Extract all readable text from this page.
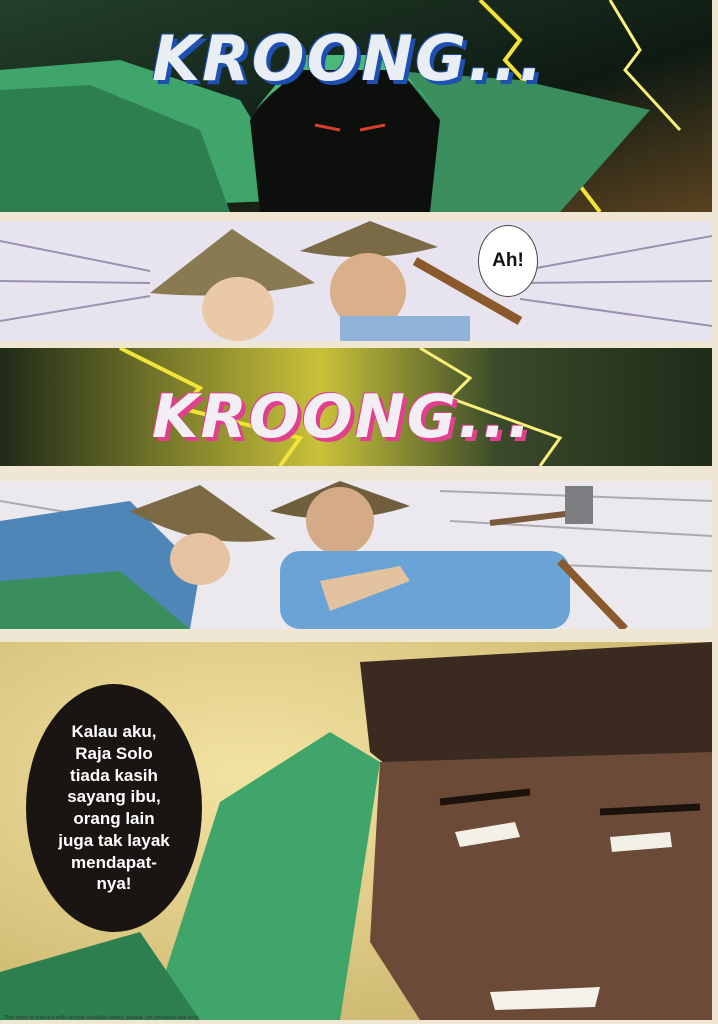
KROONG...
Ah!
KROONG...
Kalau aku,
Raja Solo
tiada kasih
sayang ibu,
orang lain
juga tak layak
mendapat-
nya!
This copy is marked with unique invisible codes, please, for personal use only.
